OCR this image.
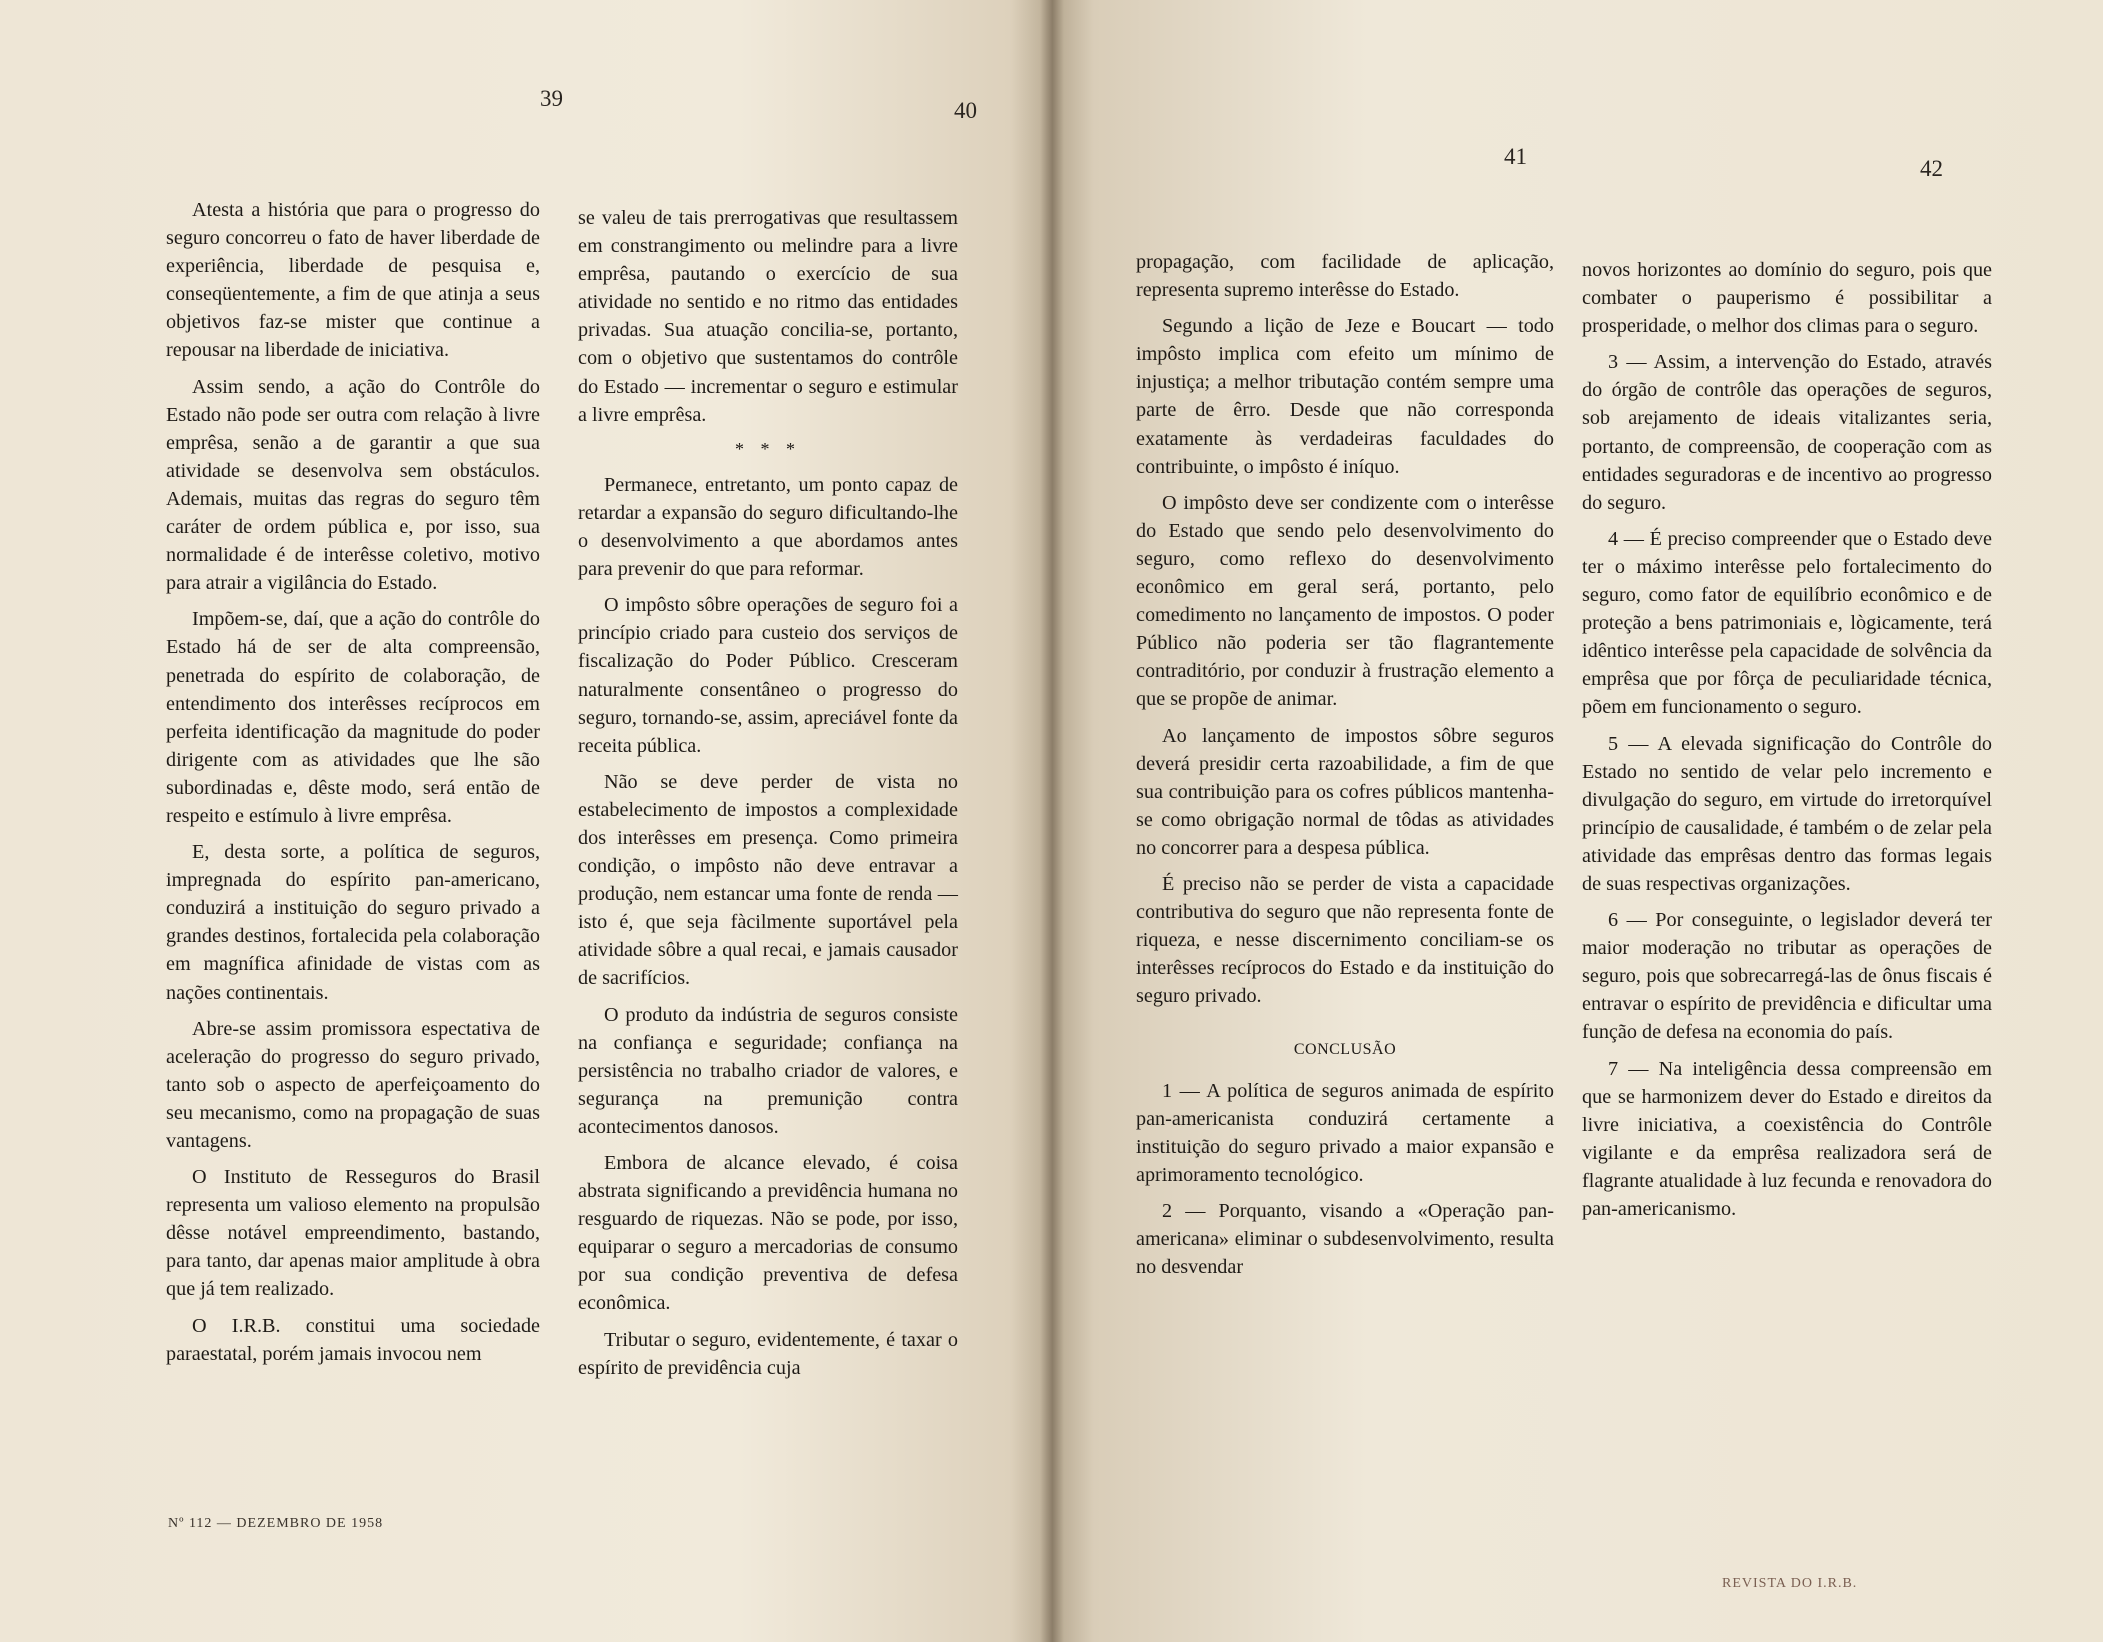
39	40

Atesta a história que para o progresso do seguro concorreu o fato de haver liberdade de experiência, liberdade de pesquisa e, conseqüentemente, a fim de que atinja a seus objetivos faz-se mister que continue a repousar na liberdade de iniciativa.

Assim sendo, a ação do Contrôle do Estado não pode ser outra com relação à livre emprêsa, senão a de garantir a que sua atividade se desenvolva sem obstáculos. Ademais, muitas das regras do seguro têm caráter de ordem pública e, por isso, sua normalidade é de interêsse coletivo, motivo para atrair a vigilância do Estado.

Impõem-se, daí, que a ação do contrôle do Estado há de ser de alta compreensão, penetrada do espírito de colaboração, de entendimento dos interêsses recíprocos em perfeita identificação da magnitude do poder dirigente com as atividades que lhe são subordinadas e, dêste modo, será então de respeito e estímulo à livre emprêsa.

E, desta sorte, a política de seguros, impregnada do espírito pan-americano, conduzirá a instituição do seguro privado a grandes destinos, fortalecida pela colaboração em magnífica afinidade de vistas com as nações continentais.

Abre-se assim promissora espectativa de aceleração do progresso do seguro privado, tanto sob o aspecto de aperfeiçoamento do seu mecanismo, como na propagação de suas vantagens.

O Instituto de Resseguros do Brasil representa um valioso elemento na propulsão dêsse notável empreendimento, bastando, para tanto, dar apenas maior amplitude à obra que já tem realizado.

O I.R.B. constitui uma sociedade paraestatal, porém jamais invocou nem

se valeu de tais prerrogativas que resultassem em constrangimento ou melindre para a livre emprêsa, pautando o exercício de sua atividade no sentido e no ritmo das entidades privadas. Sua atuação concilia-se, portanto, com o objetivo que sustentamos do contrôle do Estado — incrementar o seguro e estimular a livre emprêsa.

* * *

Permanece, entretanto, um ponto capaz de retardar a expansão do seguro dificultando-lhe o desenvolvimento a que abordamos antes para prevenir do que para reformar.

O impôsto sôbre operações de seguro foi a princípio criado para custeio dos serviços de fiscalização do Poder Público. Cresceram naturalmente consentâneo o progresso do seguro, tornando-se, assim, apreciável fonte da receita pública.

Não se deve perder de vista no estabelecimento de impostos a complexidade dos interêsses em presença. Como primeira condição, o impôsto não deve entravar a produção, nem estancar uma fonte de renda — isto é, que seja fàcilmente suportável pela atividade sôbre a qual recai, e jamais causador de sacrifícios.

O produto da indústria de seguros consiste na confiança e seguridade; confiança na persistência no trabalho criador de valores, e segurança na premunição contra acontecimentos danosos.

Embora de alcance elevado, é coisa abstrata significando a previdência humana no resguardo de riquezas. Não se pode, por isso, equiparar o seguro a mercadorias de consumo por sua condição preventiva de defesa econômica.

Tributar o seguro, evidentemente, é taxar o espírito de previdência cuja

Nº 112 — DEZEMBRO DE 1958
41	42

propagação, com facilidade de aplicação, representa supremo interêsse do Estado.

Segundo a lição de Jeze e Boucart — todo impôsto implica com efeito um mínimo de injustiça; a melhor tributação contém sempre uma parte de êrro. Desde que não corresponda exatamente às verdadeiras faculdades do contribuinte, o impôsto é iníquo.

O impôsto deve ser condizente com o interêsse do Estado que sendo pelo desenvolvimento do seguro, como reflexo do desenvolvimento econômico em geral será, portanto, pelo comedimento no lançamento de impostos. O poder Público não poderia ser tão flagrantemente contraditório, por conduzir à frustração elemento a que se propõe de animar.

Ao lançamento de impostos sôbre seguros deverá presidir certa razoabilidade, a fim de que sua contribuição para os cofres públicos mantenha-se como obrigação normal de tôdas as atividades no concorrer para a despesa pública.

É preciso não se perder de vista a capacidade contributiva do seguro que não representa fonte de riqueza, e nesse discernimento conciliam-se os interêsses recíprocos do Estado e da instituição do seguro privado.

CONCLUSÃO

1 — A política de seguros animada de espírito pan-americanista conduzirá certamente a instituição do seguro privado a maior expansão e aprimoramento tecnológico.

2 — Porquanto, visando a «Operação pan-americana» eliminar o subdesenvolvimento, resulta no desvendar

novos horizontes ao domínio do seguro, pois que combater o pauperismo é possibilitar a prosperidade, o melhor dos climas para o seguro.

3 — Assim, a intervenção do Estado, através do órgão de contrôle das operações de seguros, sob arejamento de ideais vitalizantes seria, portanto, de compreensão, de cooperação com as entidades seguradoras e de incentivo ao progresso do seguro.

4 — É preciso compreender que o Estado deve ter o máximo interêsse pelo fortalecimento do seguro, como fator de equilíbrio econômico e de proteção a bens patrimoniais e, lògicamente, terá idêntico interêsse pela capacidade de solvência da emprêsa que por fôrça de peculiaridade técnica, põem em funcionamento o seguro.

5 — A elevada significação do Contrôle do Estado no sentido de velar pelo incremento e divulgação do seguro, em virtude do irretorquível princípio de causalidade, é também o de zelar pela atividade das emprêsas dentro das formas legais de suas respectivas organizações.

6 — Por conseguinte, o legislador deverá ter maior moderação no tributar as operações de seguro, pois que sobrecarregá-las de ônus fiscais é entravar o espírito de previdência e dificultar uma função de defesa na economia do país.

7 — Na inteligência dessa compreensão em que se harmonizem dever do Estado e direitos da livre iniciativa, a coexistência do Contrôle vigilante e da emprêsa realizadora será de flagrante atualidade à luz fecunda e renovadora do pan-americanismo.

REVISTA DO I.R.B.
